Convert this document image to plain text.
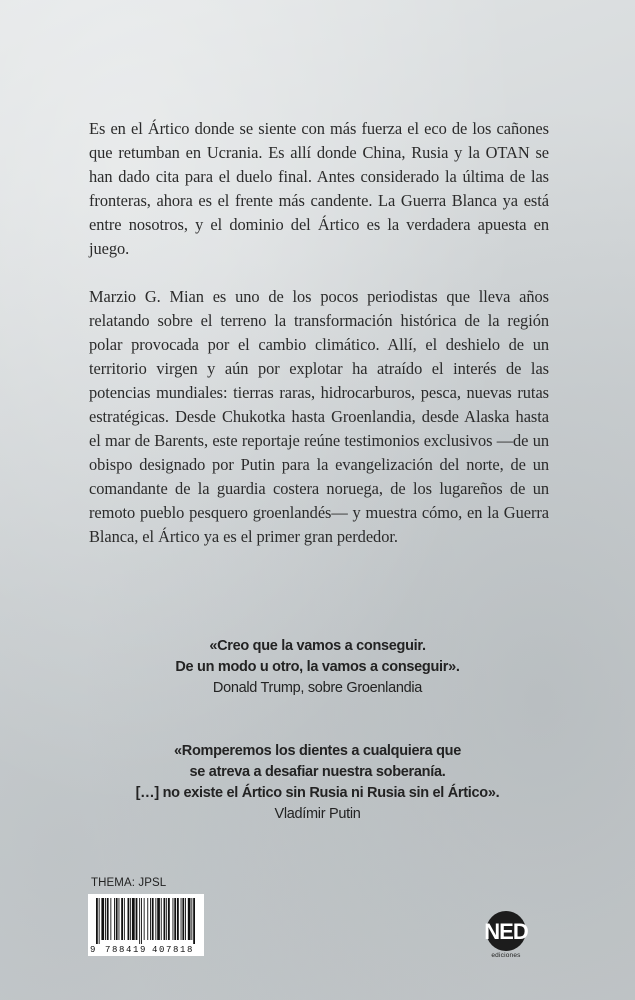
Es en el Ártico donde se siente con más fuerza el eco de los cañones que retumban en Ucrania. Es allí donde China, Rusia y la OTAN se han dado cita para el duelo final. Antes considerado la última de las fronteras, ahora es el frente más candente. La Guerra Blanca ya está entre nosotros, y el dominio del Ártico es la verdadera apuesta en juego.

Marzio G. Mian es uno de los pocos periodistas que lleva años relatando sobre el terreno la transformación histórica de la región polar provocada por el cambio climático. Allí, el deshielo de un territorio virgen y aún por explotar ha atraído el interés de las potencias mundiales: tierras raras, hidrocarburos, pesca, nuevas rutas estratégicas. Desde Chukotka hasta Groenlandia, desde Alaska hasta el mar de Barents, este reportaje reúne testimonios exclusivos —de un obispo designado por Putin para la evangelización del norte, de un comandante de la guardia costera noruega, de los lugareños de un remoto pueblo pesquero groenlandés— y muestra cómo, en la Guerra Blanca, el Ártico ya es el primer gran perdedor.

«Creo que la vamos a conseguir.
De un modo u otro, la vamos a conseguir».
Donald Trump, sobre Groenlandia
«Romperemos los dientes a cualquiera que
se atreva a desafiar nuestra soberanía.
[…] no existe el Ártico sin Rusia ni Rusia sin el Ártico».
Vladímir Putin
THEMA: JPSL
9 788419 407818
NED
ediciones
